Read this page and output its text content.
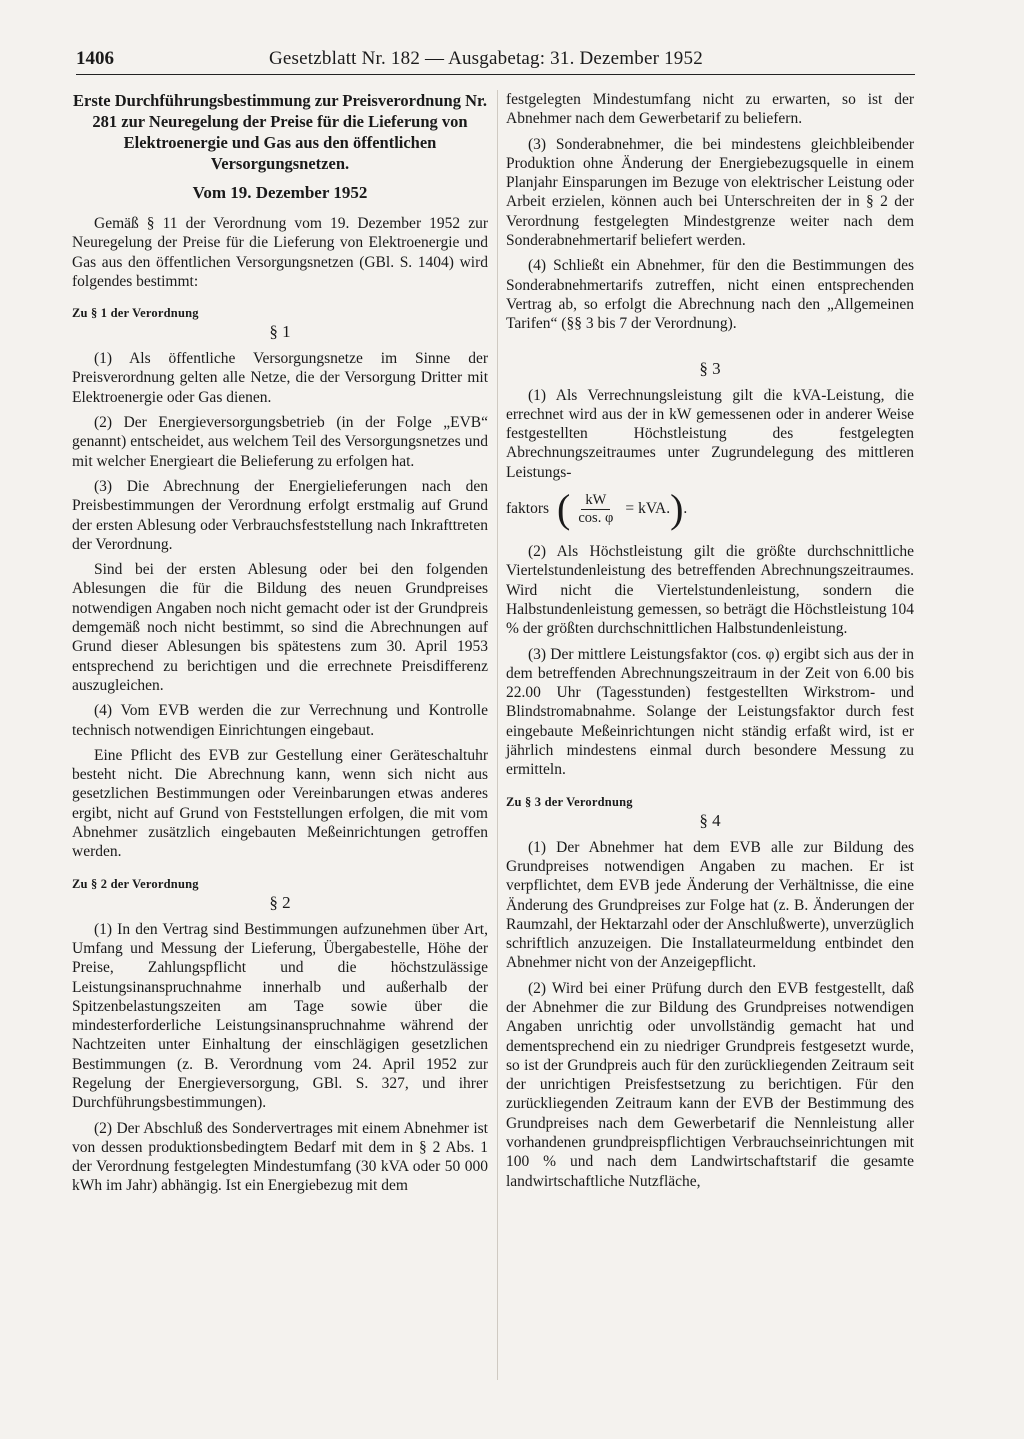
1406	Gesetzblatt Nr. 182 — Ausgabetag: 31. Dezember 1952
Erste Durchführungsbestimmung zur Preisverordnung Nr. 281 zur Neuregelung der Preise für die Lieferung von Elektroenergie und Gas aus den öffentlichen Versorgungsnetzen.
Vom 19. Dezember 1952

Gemäß § 11 der Verordnung vom 19. Dezember 1952 zur Neuregelung der Preise für die Lieferung von Elektroenergie und Gas aus den öffentlichen Versorgungsnetzen (GBl. S. 1404) wird folgendes bestimmt:

Zu § 1 der Verordnung
§ 1

(1) Als öffentliche Versorgungsnetze im Sinne der Preisverordnung gelten alle Netze, die der Versorgung Dritter mit Elektroenergie oder Gas dienen.

(2) Der Energieversorgungsbetrieb (in der Folge „EVB“ genannt) entscheidet, aus welchem Teil des Versorgungsnetzes und mit welcher Energieart die Belieferung zu erfolgen hat.

(3) Die Abrechnung der Energielieferungen nach den Preisbestimmungen der Verordnung erfolgt erstmalig auf Grund der ersten Ablesung oder Verbrauchsfeststellung nach Inkrafttreten der Verordnung.

Sind bei der ersten Ablesung oder bei den folgenden Ablesungen die für die Bildung des neuen Grundpreises notwendigen Angaben noch nicht gemacht oder ist der Grundpreis demgemäß noch nicht bestimmt, so sind die Abrechnungen auf Grund dieser Ablesungen bis spätestens zum 30. April 1953 entsprechend zu berichtigen und die errechnete Preisdifferenz auszugleichen.

(4) Vom EVB werden die zur Verrechnung und Kontrolle technisch notwendigen Einrichtungen eingebaut.

Eine Pflicht des EVB zur Gestellung einer Geräteschaltuhr besteht nicht. Die Abrechnung kann, wenn sich nicht aus gesetzlichen Bestimmungen oder Vereinbarungen etwas anderes ergibt, nicht auf Grund von Feststellungen erfolgen, die mit vom Abnehmer zusätzlich eingebauten Meßeinrichtungen getroffen werden.

Zu § 2 der Verordnung
§ 2

(1) In den Vertrag sind Bestimmungen aufzunehmen über Art, Umfang und Messung der Lieferung, Übergabestelle, Höhe der Preise, Zahlungspflicht und die höchstzulässige Leistungsinanspruchnahme innerhalb und außerhalb der Spitzenbelastungszeiten am Tage sowie über die mindesterforderliche Leistungsinanspruchnahme während der Nachtzeiten unter Einhaltung der einschlägigen gesetzlichen Bestimmungen (z. B. Verordnung vom 24. April 1952 zur Regelung der Energieversorgung, GBl. S. 327, und ihrer Durchführungsbestimmungen).

(2) Der Abschluß des Sondervertrages mit einem Abnehmer ist von dessen produktionsbedingtem Bedarf mit dem in § 2 Abs. 1 der Verordnung festgelegten Mindestumfang (30 kVA oder 50 000 kWh im Jahr) abhängig. Ist ein Energiebezug mit dem

festgelegten Mindestumfang nicht zu erwarten, so ist der Abnehmer nach dem Gewerbetarif zu beliefern.

(3) Sonderabnehmer, die bei mindestens gleichbleibender Produktion ohne Änderung der Energiebezugsquelle in einem Planjahr Einsparungen im Bezuge von elektrischer Leistung oder Arbeit erzielen, können auch bei Unterschreiten der in § 2 der Verordnung festgelegten Mindestgrenze weiter nach dem Sonderabnehmertarif beliefert werden.

(4) Schließt ein Abnehmer, für den die Bestimmungen des Sonderabnehmertarifs zutreffen, nicht einen entsprechenden Vertrag ab, so erfolgt die Abrechnung nach den „Allgemeinen Tarifen“ (§§ 3 bis 7 der Verordnung).

§ 3

(1) Als Verrechnungsleistung gilt die kVA-Leistung, die errechnet wird aus der in kW gemessenen oder in anderer Weise festgestellten Höchstleistung des festgelegten Abrechnungszeitraumes unter Zugrundelegung des mittleren Leistungs-

faktors ( $\frac{kW}{\cos. \varphi}$ = kVA. ) .

(2) Als Höchstleistung gilt die größte durchschnittliche Viertelstundenleistung des betreffenden Abrechnungszeitraumes. Wird nicht die Viertelstundenleistung, sondern die Halbstundenleistung gemessen, so beträgt die Höchstleistung 104 % der größten durchschnittlichen Halbstundenleistung.

(3) Der mittlere Leistungsfaktor (cos. φ) ergibt sich aus der in dem betreffenden Abrechnungszeitraum in der Zeit von 6.00 bis 22.00 Uhr (Tagesstunden) festgestellten Wirkstrom- und Blindstromabnahme. Solange der Leistungsfaktor durch fest eingebaute Meßeinrichtungen nicht ständig erfaßt wird, ist er jährlich mindestens einmal durch besondere Messung zu ermitteln.

Zu § 3 der Verordnung
§ 4

(1) Der Abnehmer hat dem EVB alle zur Bildung des Grundpreises notwendigen Angaben zu machen. Er ist verpflichtet, dem EVB jede Änderung der Verhältnisse, die eine Änderung des Grundpreises zur Folge hat (z. B. Änderungen der Raumzahl, der Hektarzahl oder der Anschlußwerte), unverzüglich schriftlich anzuzeigen. Die Installateurmeldung entbindet den Abnehmer nicht von der Anzeigepflicht.

(2) Wird bei einer Prüfung durch den EVB festgestellt, daß der Abnehmer die zur Bildung des Grundpreises notwendigen Angaben unrichtig oder unvollständig gemacht hat und dementsprechend ein zu niedriger Grundpreis festgesetzt wurde, so ist der Grundpreis auch für den zurückliegenden Zeitraum seit der unrichtigen Preisfestsetzung zu berichtigen. Für den zurückliegenden Zeitraum kann der EVB der Bestimmung des Grundpreises nach dem Gewerbetarif die Nennleistung aller vorhandenen grundpreispflichtigen Verbrauchseinrichtungen mit 100 % und nach dem Landwirtschaftstarif die gesamte landwirtschaftliche Nutzfläche,
